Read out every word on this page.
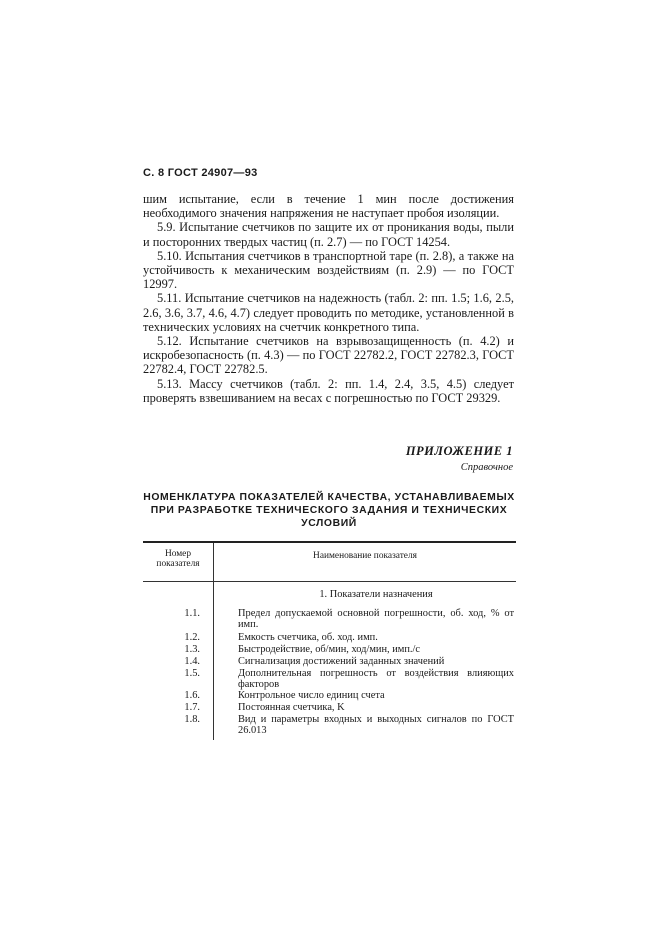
С. 8 ГОСТ 24907—93

шим испытание, если в течение 1 мин после достижения необходимого значения напряжения не наступает пробоя изоляции.

5.9. Испытание счетчиков по защите их от проникания воды, пыли и посторонних твердых частиц (п. 2.7) — по ГОСТ 14254.

5.10. Испытания счетчиков в транспортной таре (п. 2.8), а также на устойчивость к механическим воздействиям (п. 2.9) — по ГОСТ 12997.

5.11. Испытание счетчиков на надежность (табл. 2: пп. 1.5; 1.6, 2.5, 2.6, 3.6, 3.7, 4.6, 4.7) следует проводить по методике, установленной в технических условиях на счетчик конкретного типа.

5.12. Испытание счетчиков на взрывозащищенность (п. 4.2) и искробезопасность (п. 4.3) — по ГОСТ 22782.2, ГОСТ 22782.3, ГОСТ 22782.4, ГОСТ 22782.5.

5.13. Массу счетчиков (табл. 2: пп. 1.4, 2.4, 3.5, 4.5) следует проверять взвешиванием на весах с погрешностью по ГОСТ 29329.

ПРИЛОЖЕНИЕ 1
Справочное
НОМЕНКЛАТУРА ПОКАЗАТЕЛЕЙ КАЧЕСТВА, УСТАНАВЛИВАЕМЫХ ПРИ РАЗРАБОТКЕ ТЕХНИЧЕСКОГО ЗАДАНИЯ И ТЕХНИЧЕСКИХ УСЛОВИЙ
Номер показателя
Наименование показателя
1.1.
1.2.
1.3.
1.4.
1.5.
1.6.
1.7.
1.8.
1. Показатели назначения
Предел допускаемой основной погрешности, об. ход, % от имп.
Емкость счетчика, об. ход. имп.
Быстродействие, об/мин, ход/мин, имп./с
Сигнализация достижений заданных значений
Дополнительная погрешность от воздействия влияющих факторов
Контрольное число единиц счета
Постоянная счетчика, K
Вид и параметры входных и выходных сигналов по ГОСТ 26.013
